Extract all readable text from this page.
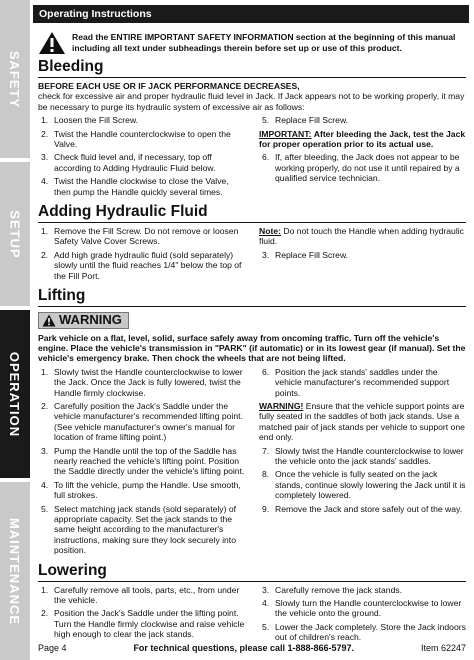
SAFETY
SETUP
OPERATION
MAINTENANCE
Operating Instructions
Read the ENTIRE IMPORTANT SAFETY INFORMATION section at the beginning of this manual including all text under subheadings therein before set up or use of this product.
Bleeding
BEFORE EACH USE OR IF JACK PERFORMANCE DECREASES,
check for excessive air and proper hydraulic fluid level in Jack. If Jack appears not to be working properly, it may be necessary to purge its hydraulic system of excessive air as follows:
1. Loosen the Fill Screw.
2. Twist the Handle counterclockwise to open the Valve.
3. Check fluid level and, if necessary, top off according to Adding Hydraulic Fluid below.
4. Twist the Handle clockwise to close the Valve, then pump the Handle quickly several times.
5. Replace Fill Screw.
IMPORTANT: After bleeding the Jack, test the Jack for proper operation prior to its actual use.
6. If, after bleeding, the Jack does not appear to be working properly, do not use it until repaired by a qualified service technician.
Adding Hydraulic Fluid
1. Remove the Fill Screw. Do not remove or loosen Safety Valve Cover Screws.
2. Add high grade hydraulic fluid (sold separately) slowly until the fluid reaches 1/4" below the top of the Fill Port.
Note: Do not touch the Handle when adding hydraulic fluid.
3. Replace Fill Screw.
Lifting
WARNING
Park vehicle on a flat, level, solid, surface safely away from oncoming traffic. Turn off the vehicle's engine. Place the vehicle's transmission in "PARK" (if automatic) or in its lowest gear (if manual). Set the vehicle's emergency brake. Then chock the wheels that are not being lifted.
1. Slowly twist the Handle counterclockwise to lower the Jack. Once the Jack is fully lowered, twist the Handle firmly clockwise.
2. Carefully position the Jack's Saddle under the vehicle manufacturer's recommended lifting point. (See vehicle manufacturer's owner's manual for location of frame lifting point.)
3. Pump the Handle until the top of the Saddle has nearly reached the vehicle's lifting point. Position the Saddle directly under the vehicle's lifting point.
4. To lift the vehicle, pump the Handle. Use smooth, full strokes.
5. Select matching jack stands (sold separately) of appropriate capacity. Set the jack stands to the same height according to the manufacturer's instructions, making sure they lock securely into position.
6. Position the jack stands' saddles under the vehicle manufacturer's recommended support points.
WARNING! Ensure that the vehicle support points are fully seated in the saddles of both jack stands. Use a matched pair of jack stands per vehicle to support one end only.
7. Slowly twist the Handle counterclockwise to lower the vehicle onto the jack stands' saddles.
8. Once the vehicle is fully seated on the jack stands, continue slowly lowering the Jack until it is completely lowered.
9. Remove the Jack and store safely out of the way.
Lowering
1. Carefully remove all tools, parts, etc., from under the vehicle.
2. Position the Jack's Saddle under the lifting point. Turn the Handle firmly clockwise and raise vehicle high enough to clear the jack stands.
3. Carefully remove the jack stands.
4. Slowly turn the Handle counterclockwise to lower the vehicle onto the ground.
5. Lower the Jack completely. Store the Jack indoors out of children's reach.
Page 4	For technical questions, please call 1-888-866-5797.	Item 62247
